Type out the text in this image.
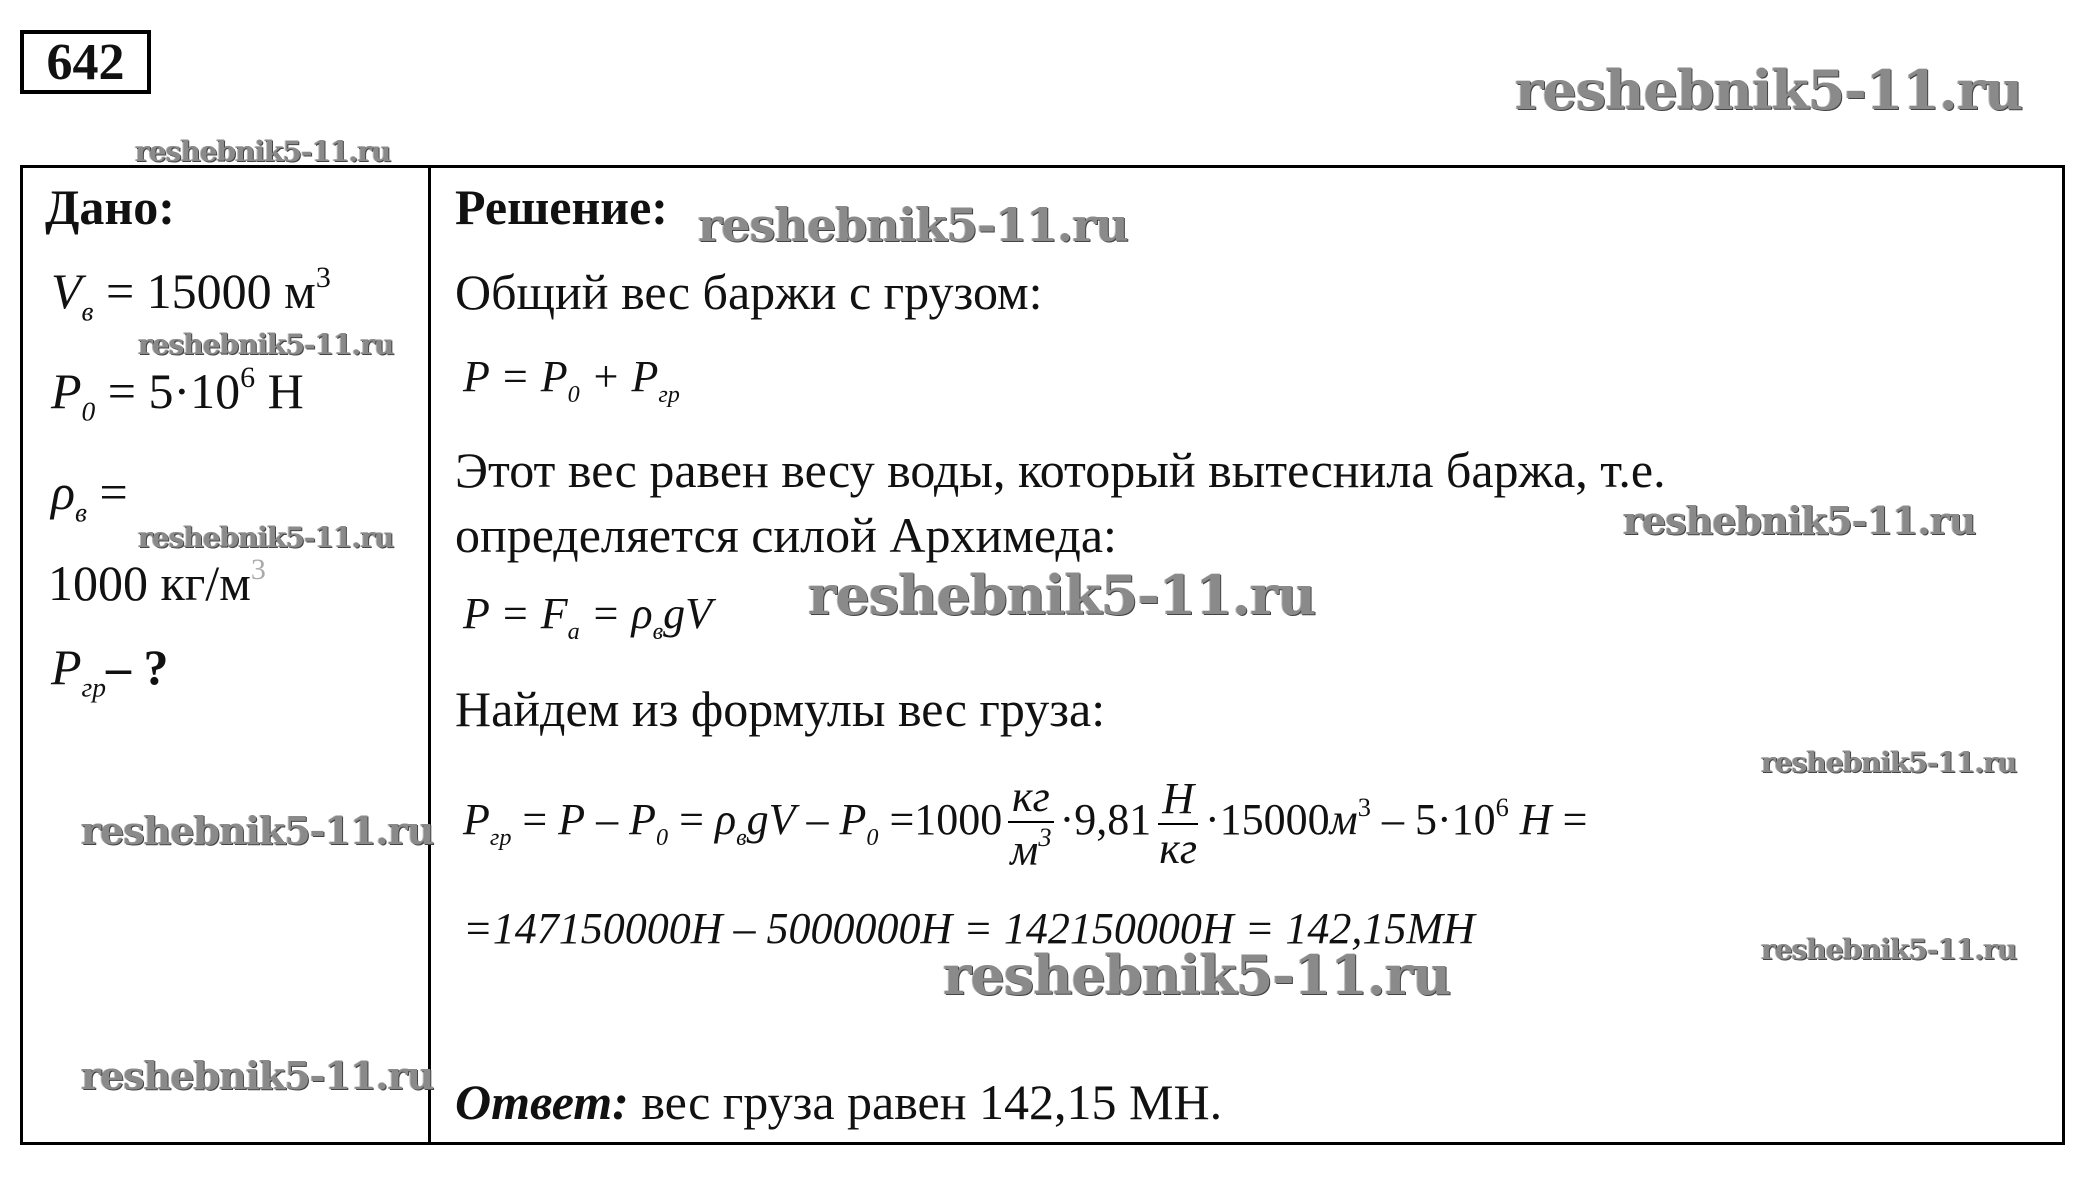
642	reshebnik5-11.ru
reshebnik5-11.ru
Дано:
$V_в = 15000$ $м^3$
reshebnik5-11.ru
$P_0 = 5\cdot 10^6$ Н
$\rho_в$ =
reshebnik5-11.ru
1000 $кг/м^3$
$P_{гр}-$ ?
reshebnik5-11.ru
reshebnik5-11.ru
Решение: reshebnik5-11.ru
Общий вес баржи с грузом:
$P = P_0 + P_{гр}$
Этот вес равен весу воды, который вытеснила баржа, т.е.
определяется силой Архимеда:	reshebnik5-11.ru
$P = F_a = \rho_вgV$ reshebnik5-11.ru
Найдем из формулы вес груза:
reshebnik5-11.ru
$P_{гр} = P - P_0 = \rho_вgV - P_0 =1000 \frac{кг}{м^3} \cdot 9,81 \frac{H}{кг} \cdot 15000м^3 - 5\cdot 10^6$ H =
=147150000H – 5000000H = 142150000H = 142,15MH	reshebnik5-11.ru
reshebnik5-11.ru
Ответ: вес груза равен 142,15 МН.
